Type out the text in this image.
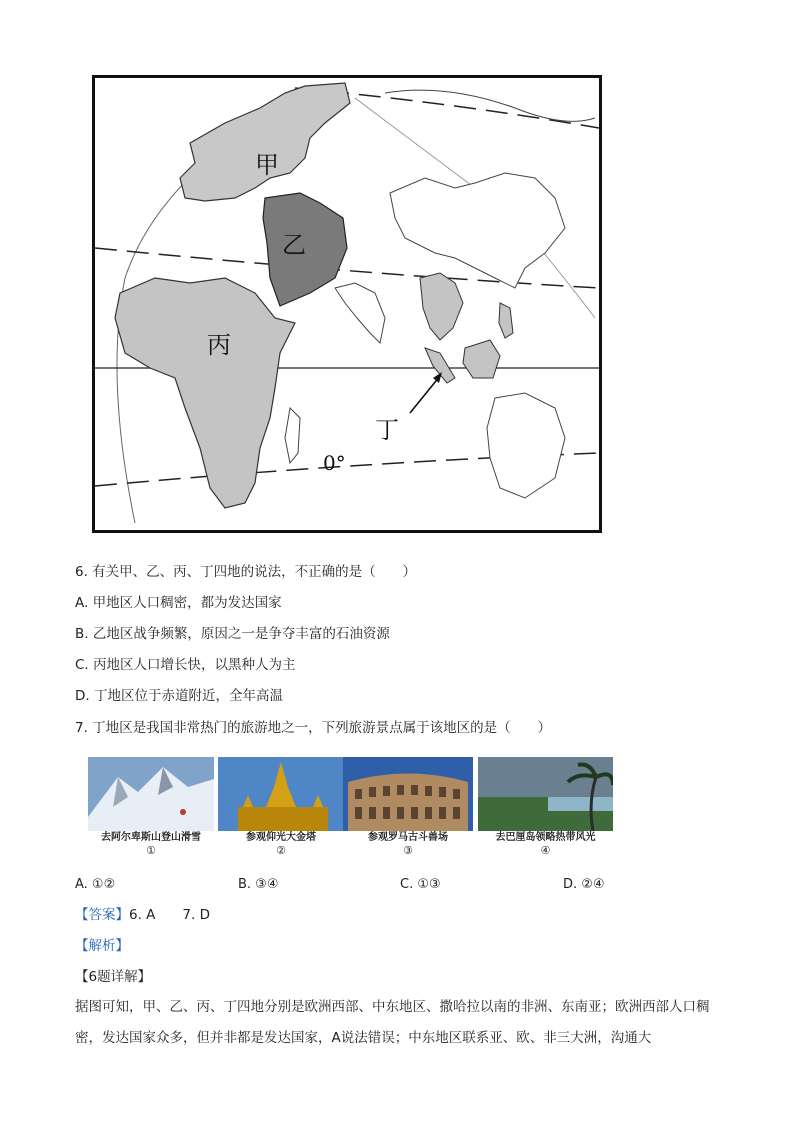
甲
乙
丙
丁
0°
6. 有关甲、乙、丙、丁四地的说法，不正确的是（　　）
A. 甲地区人口稠密，都为发达国家
B. 乙地区战争频繁，原因之一是争夺丰富的石油资源
C. 丙地区人口增长快，以黑种人为主
D. 丁地区位于赤道附近，全年高温
7. 丁地区是我国非常热门的旅游地之一，下列旅游景点属于该地区的是（　　）
去阿尔卑斯山登山滑雪
①
参观仰光大金塔
②
参观罗马古斗兽场
③
去巴厘岛领略热带风光
④
A. ①②	B. ③④	C. ①③	D. ②④
【答案】6. A　　7. D
【解析】
【6题详解】
据图可知，甲、乙、丙、丁四地分别是欧洲西部、中东地区、撒哈拉以南的非洲、东南亚；欧洲西部人口稠密，发达国家众多，但并非都是发达国家，A说法错误；中东地区联系亚、欧、非三大洲，沟通大
